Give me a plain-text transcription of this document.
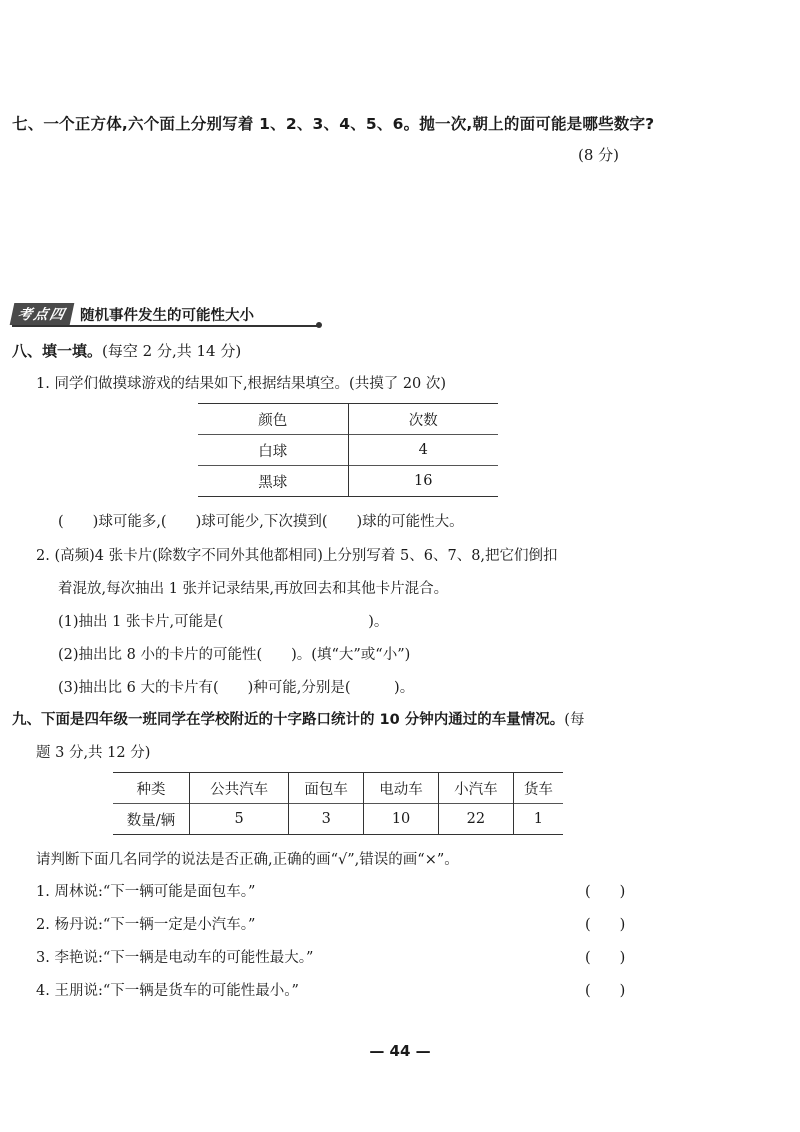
七、一个正方体,六个面上分别写着 1、2、3、4、5、6。抛一次,朝上的面可能是哪些数字?
(8 分)
考点四 随机事件发生的可能性大小
八、填一填。(每空 2 分,共 14 分)
1. 同学们做摸球游戏的结果如下,根据结果填空。(共摸了 20 次)
颜色	次数
白球	4
黑球	16
(　　)球可能多,(　　)球可能少,下次摸到(　　)球的可能性大。
2. (高频)4 张卡片(除数字不同外其他都相同)上分别写着 5、6、7、8,把它们倒扣
着混放,每次抽出 1 张并记录结果,再放回去和其他卡片混合。
(1)抽出 1 张卡片,可能是(　　　　　　　　　　)。
(2)抽出比 8 小的卡片的可能性(　　)。(填“大”或“小”)
(3)抽出比 6 大的卡片有(　　)种可能,分别是(　　　)。
九、下面是四年级一班同学在学校附近的十字路口统计的 10 分钟内通过的车量情况。(每
题 3 分,共 12 分)
种类	公共汽车	面包车	电动车	小汽车	货车
数量/辆	5	3	10	22	1
请判断下面几名同学的说法是否正确,正确的画“√”,错误的画“×”。
1. 周林说:“下一辆可能是面包车。”	(　　)
2. 杨丹说:“下一辆一定是小汽车。”	(　　)
3. 李艳说:“下一辆是电动车的可能性最大。”	(　　)
4. 王朋说:“下一辆是货车的可能性最小。”	(　　)
— 44 —
